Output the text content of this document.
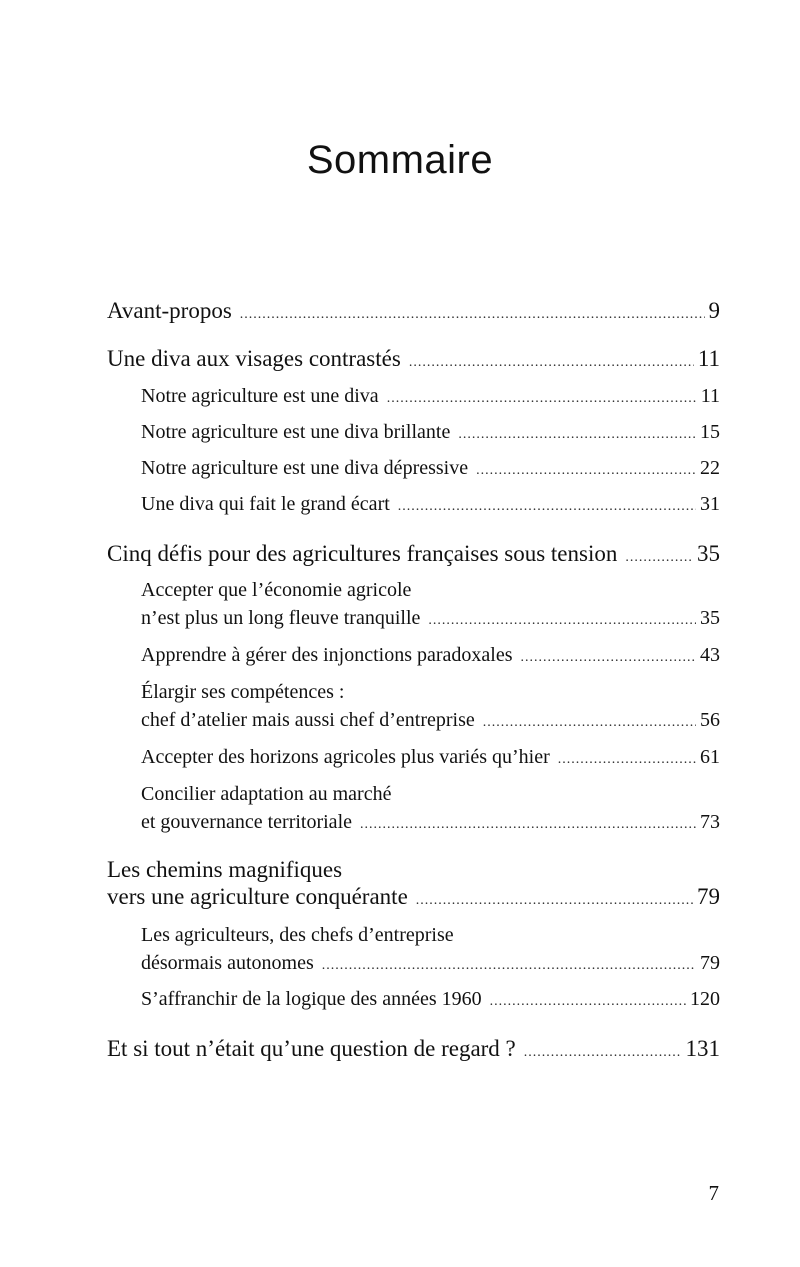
Sommaire
Avant-propos .....	9
Une diva aux visages contrastés .....	11
Notre agriculture est une diva .....	11
Notre agriculture est une diva brillante .....	15
Notre agriculture est une diva dépressive .....	22
Une diva qui fait le grand écart .....	31
Cinq défis pour des agricultures françaises sous tension .....	35
Accepter que l’économie agricole
n’est plus un long fleuve tranquille .....	35
Apprendre à gérer des injonctions paradoxales .....	43
Élargir ses compétences :
chef d’atelier mais aussi chef d’entreprise .....	56
Accepter des horizons agricoles plus variés qu’hier .....	61
Concilier adaptation au marché
et gouvernance territoriale .....	73
Les chemins magnifiques
vers une agriculture conquérante .....	79
Les agriculteurs, des chefs d’entreprise
désormais autonomes .....	79
S’affranchir de la logique des années 1960 .....	120
Et si tout n’était qu’une question de regard ? .....	131
7
